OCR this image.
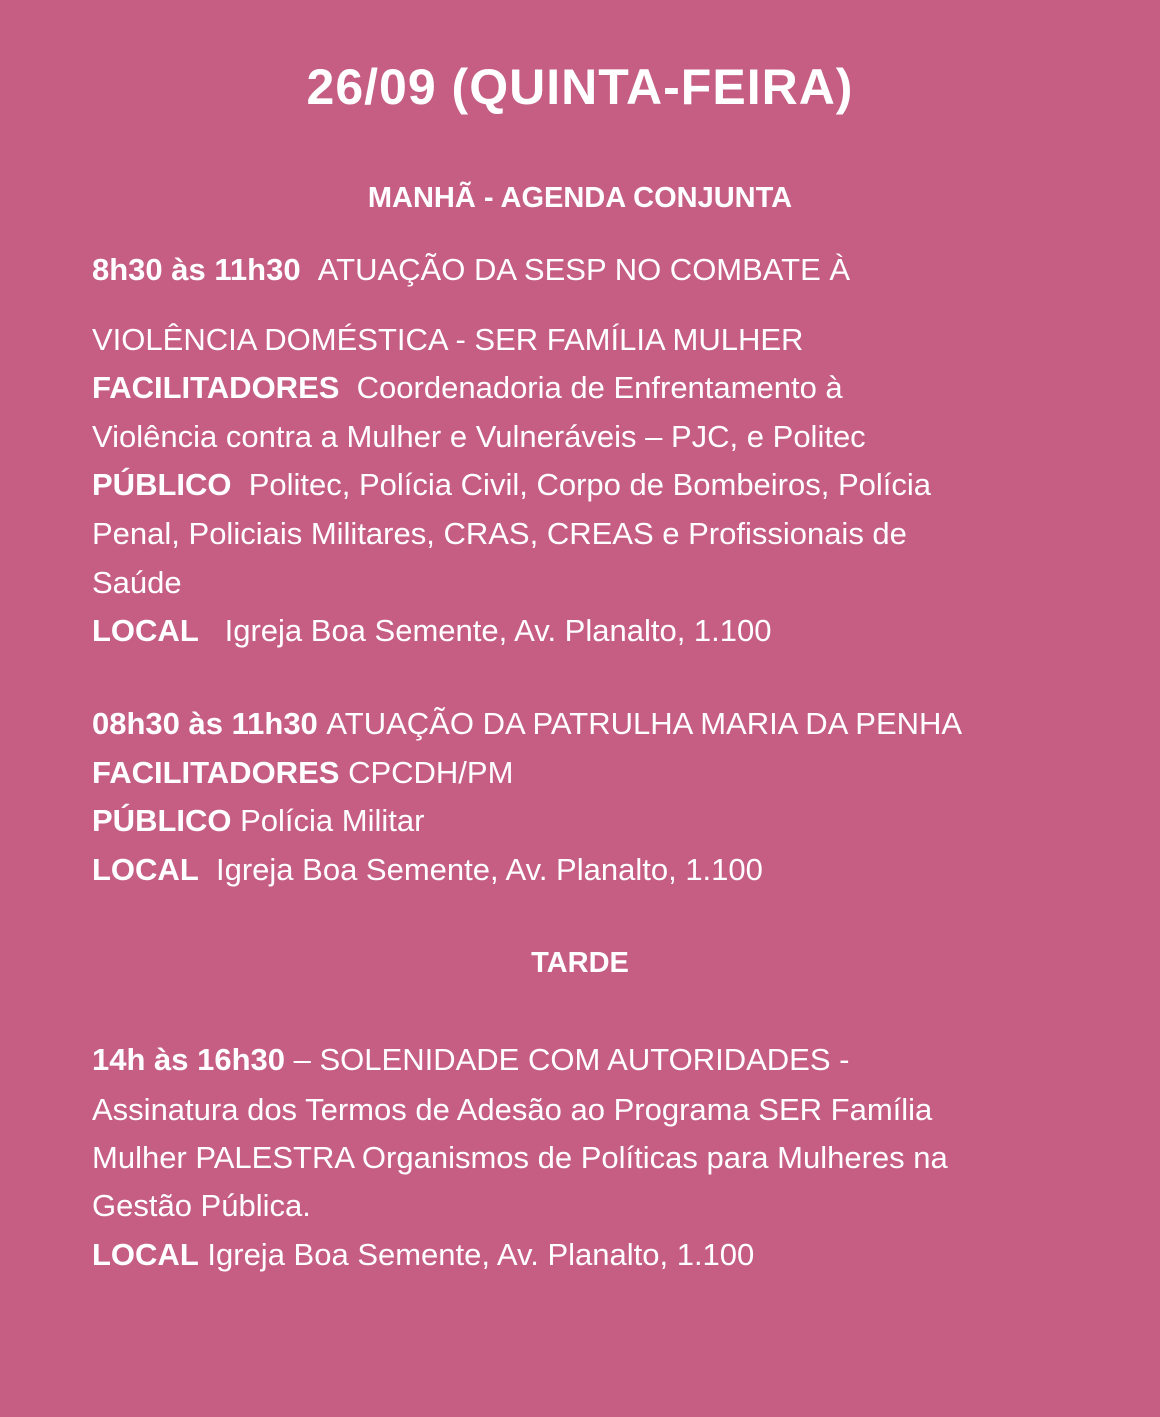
26/09 (QUINTA-FEIRA)
MANHÃ - AGENDA CONJUNTA
8h30 às 11h30 ATUAÇÃO DA SESP NO COMBATE À
VIOLÊNCIA DOMÉSTICA - SER FAMÍLIA MULHER
FACILITADORES Coordenadoria de Enfrentamento à
Violência contra a Mulher e Vulneráveis – PJC, e Politec
PÚBLICO Politec, Polícia Civil, Corpo de Bombeiros, Polícia
Penal, Policiais Militares, CRAS, CREAS e Profissionais de
Saúde
LOCAL Igreja Boa Semente, Av. Planalto, 1.100
08h30 às 11h30 ATUAÇÃO DA PATRULHA MARIA DA PENHA
FACILITADORES CPCDH/PM
PÚBLICO Polícia Militar
LOCAL Igreja Boa Semente, Av. Planalto, 1.100
TARDE
14h às 16h30 – SOLENIDADE COM AUTORIDADES -
Assinatura dos Termos de Adesão ao Programa SER Família
Mulher PALESTRA Organismos de Políticas para Mulheres na
Gestão Pública.
LOCAL Igreja Boa Semente, Av. Planalto, 1.100
